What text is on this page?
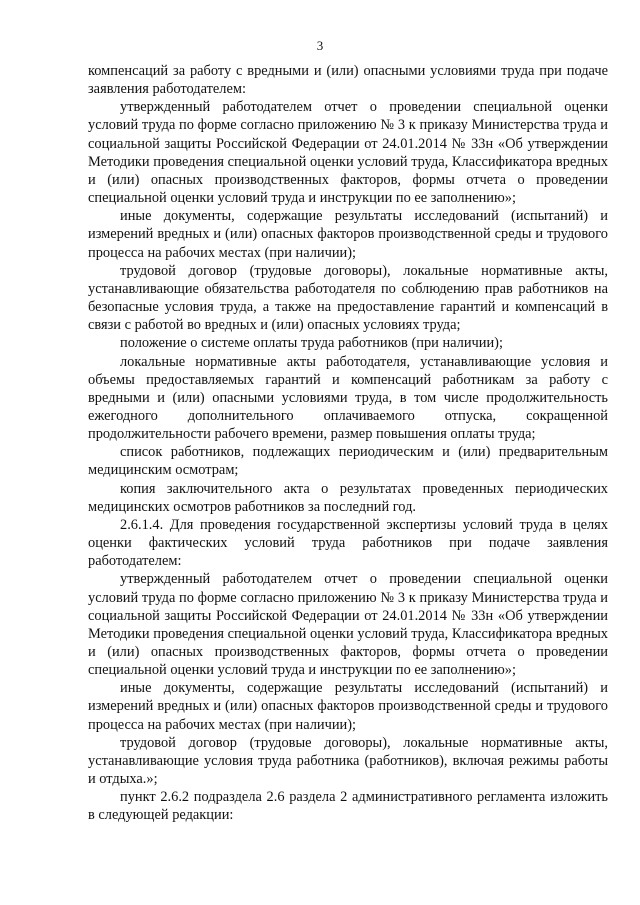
3

компенсаций за работу с вредными и (или) опасными условиями труда при подаче заявления работодателем:

утвержденный работодателем отчет о проведении специальной оценки условий труда по форме согласно приложению № 3 к приказу Министерства труда и социальной защиты Российской Федерации от 24.01.2014 № 33н «Об утверждении Методики проведения специальной оценки условий труда, Классификатора вредных и (или) опасных производственных факторов, формы отчета о проведении специальной оценки условий труда и инструкции по ее заполнению»;

иные документы, содержащие результаты исследований (испытаний) и измерений вредных и (или) опасных факторов производственной среды и трудового процесса на рабочих местах (при наличии);

трудовой договор (трудовые договоры), локальные нормативные акты, устанавливающие обязательства работодателя по соблюдению прав работников на безопасные условия труда, а также на предоставление гарантий и компенсаций в связи с работой во вредных и (или) опасных условиях труда;

положение о системе оплаты труда работников (при наличии);

локальные нормативные акты работодателя, устанавливающие условия и объемы предоставляемых гарантий и компенсаций работникам за работу с вредными и (или) опасными условиями труда, в том числе продолжительность ежегодного дополнительного оплачиваемого отпуска, сокращенной продолжительности рабочего времени, размер повышения оплаты труда;

список работников, подлежащих периодическим и (или) предварительным медицинским осмотрам;

копия заключительного акта о результатах проведенных периодических медицинских осмотров работников за последний год.

2.6.1.4. Для проведения государственной экспертизы условий труда в целях оценки фактических условий труда работников при подаче заявления работодателем:

утвержденный работодателем отчет о проведении специальной оценки условий труда по форме согласно приложению № 3 к приказу Министерства труда и социальной защиты Российской Федерации от 24.01.2014 № 33н «Об утверждении Методики проведения специальной оценки условий труда, Классификатора вредных и (или) опасных производственных факторов, формы отчета о проведении специальной оценки условий труда и инструкции по ее заполнению»;

иные документы, содержащие результаты исследований (испытаний) и измерений вредных и (или) опасных факторов производственной среды и трудового процесса на рабочих местах (при наличии);

трудовой договор (трудовые договоры), локальные нормативные акты, устанавливающие условия труда работника (работников), включая режимы работы и отдыха.»;

пункт 2.6.2 подраздела 2.6 раздела 2 административного регламента изложить в следующей редакции:
